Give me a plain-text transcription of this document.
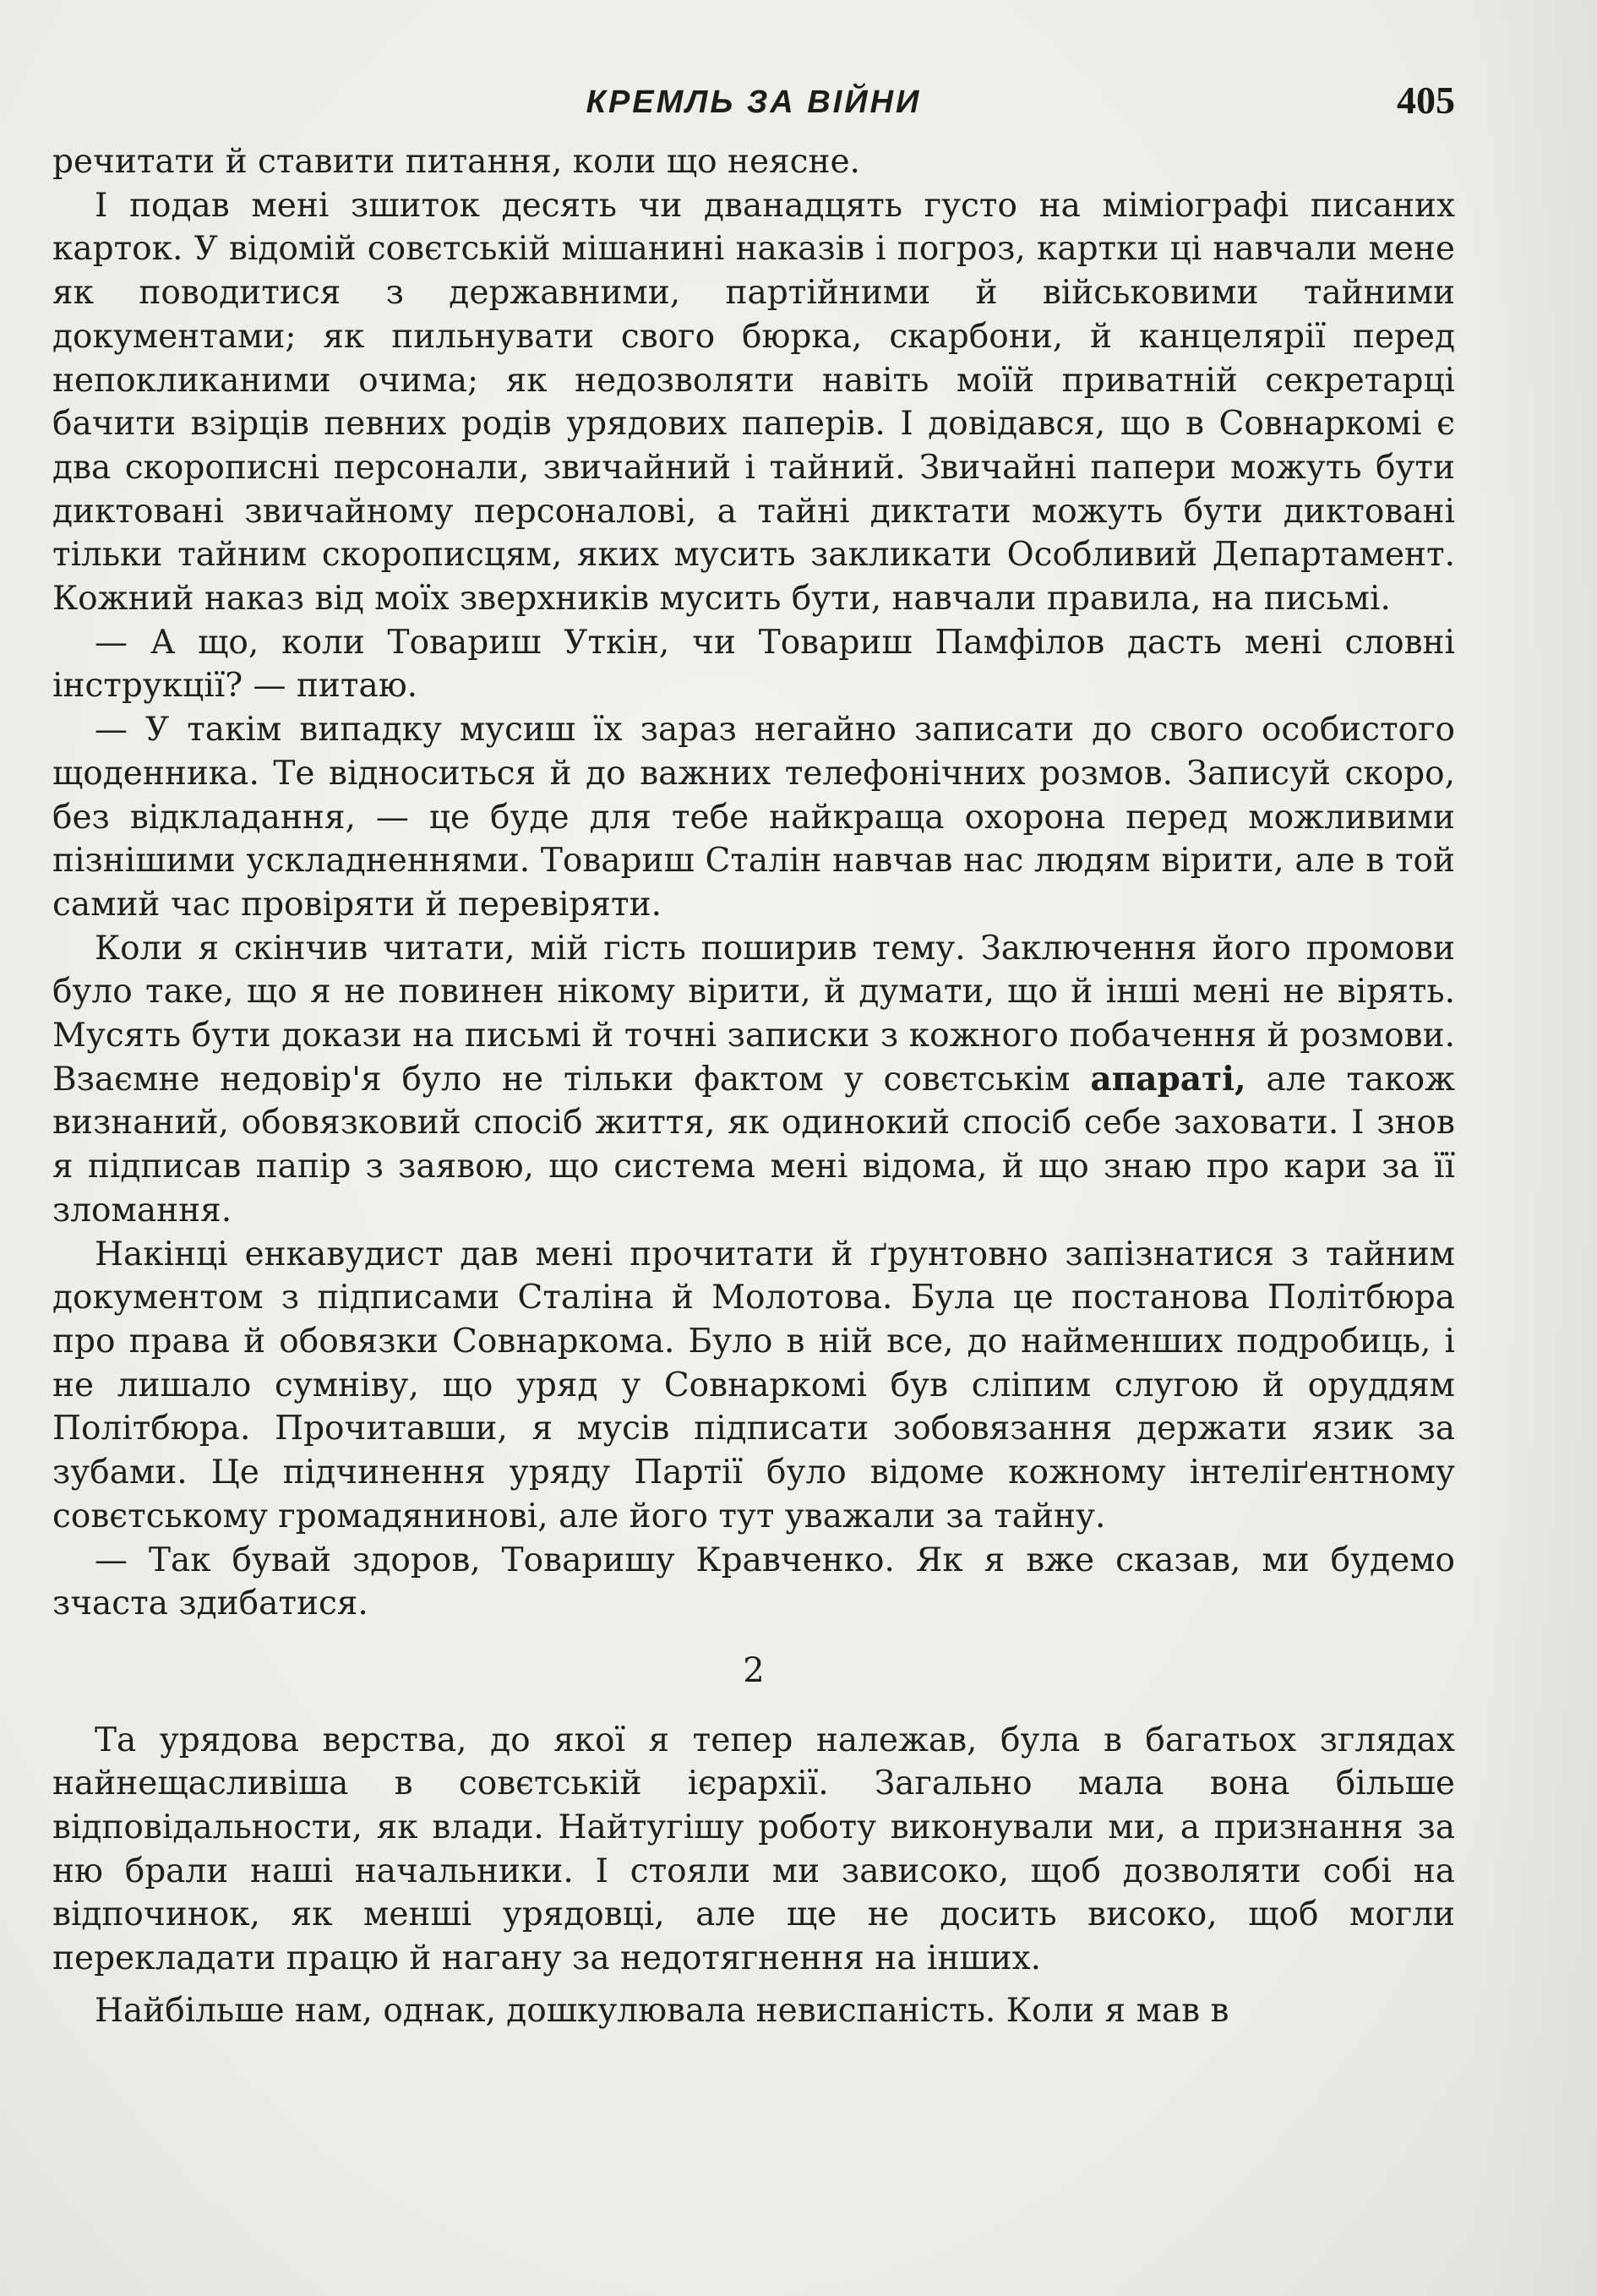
КРЕМЛЬ ЗА ВІЙНИ	405

речитати й ставити питання, коли що неясне.

І подав мені зшиток десять чи дванадцять густо на міміографі писаних карток. У відомій совєтській мішанині наказів і погроз, картки ці навчали мене як поводитися з державними, партійними й військовими тайними документами; як пильнувати свого бюрка, скарбони, й канцелярії перед непокликаними очима; як недозволяти навіть моїй приватній секретарці бачити взірців певних родів урядових паперів. І довідався, що в Совнаркомі є два скорописні персонали, звичайний і тайний. Звичайні папери можуть бути диктовані звичайному персоналові, а тайні диктати можуть бути диктовані тільки тайним скорописцям, яких мусить закликати Особливий Департамент. Кожний наказ від моїх зверхників мусить бути, навчали правила, на письмі.

— А що, коли Товариш Уткін, чи Товариш Памфілов дасть мені словні інструкції? — питаю.

— У такім випадку мусиш їх зараз негайно записати до свого особистого щоденника. Те відноситься й до важних телефонічних розмов. Записуй скоро, без відкладання, — це буде для тебе найкраща охорона перед можливими пізнішими ускладненнями. Товариш Сталін навчав нас людям вірити, але в той самий час провіряти й перевіряти.

Коли я скінчив читати, мій гість поширив тему. Заключення його промови було таке, що я не повинен нікому вірити, й думати, що й інші мені не вірять. Мусять бути докази на письмі й точні записки з кожного побачення й розмови. Взаємне недовір'я було не тільки фактом у совєтськім апараті, але також визнаний, обовязковий спосіб життя, як одинокий спосіб себе заховати. І знов я підписав папір з заявою, що система мені відома, й що знаю про кари за її зломання.

Накінці енкавудист дав мені прочитати й ґрунтовно запізнатися з тайним документом з підписами Сталіна й Молотова. Була це постанова Політбюра про права й обовязки Совнаркома. Було в ній все, до найменших подробиць, і не лишало сумніву, що уряд у Совнаркомі був сліпим слугою й оруддям Політбюра. Прочитавши, я мусів підписати зобовязання держати язик за зубами. Це підчинення уряду Партії було відоме кожному інтеліґентному совєтському громадянинові, але його тут уважали за тайну.

— Так бувай здоров, Товаришу Кравченко. Як я вже сказав, ми будемо зчаста здибатися.

2

Та урядова верства, до якої я тепер належав, була в багатьох зглядах найнещасливіша в совєтській ієрархії. Загально мала вона більше відповідальности, як влади. Найтугішу роботу виконували ми, а признання за ню брали наші начальники. І стояли ми зависоко, щоб дозволяти собі на відпочинок, як менші урядовці, але ще не досить високо, щоб могли перекладати працю й нагану за недотягнення на інших.

Найбільше нам, однак, дошкулювала невиспаність. Коли я мав в
